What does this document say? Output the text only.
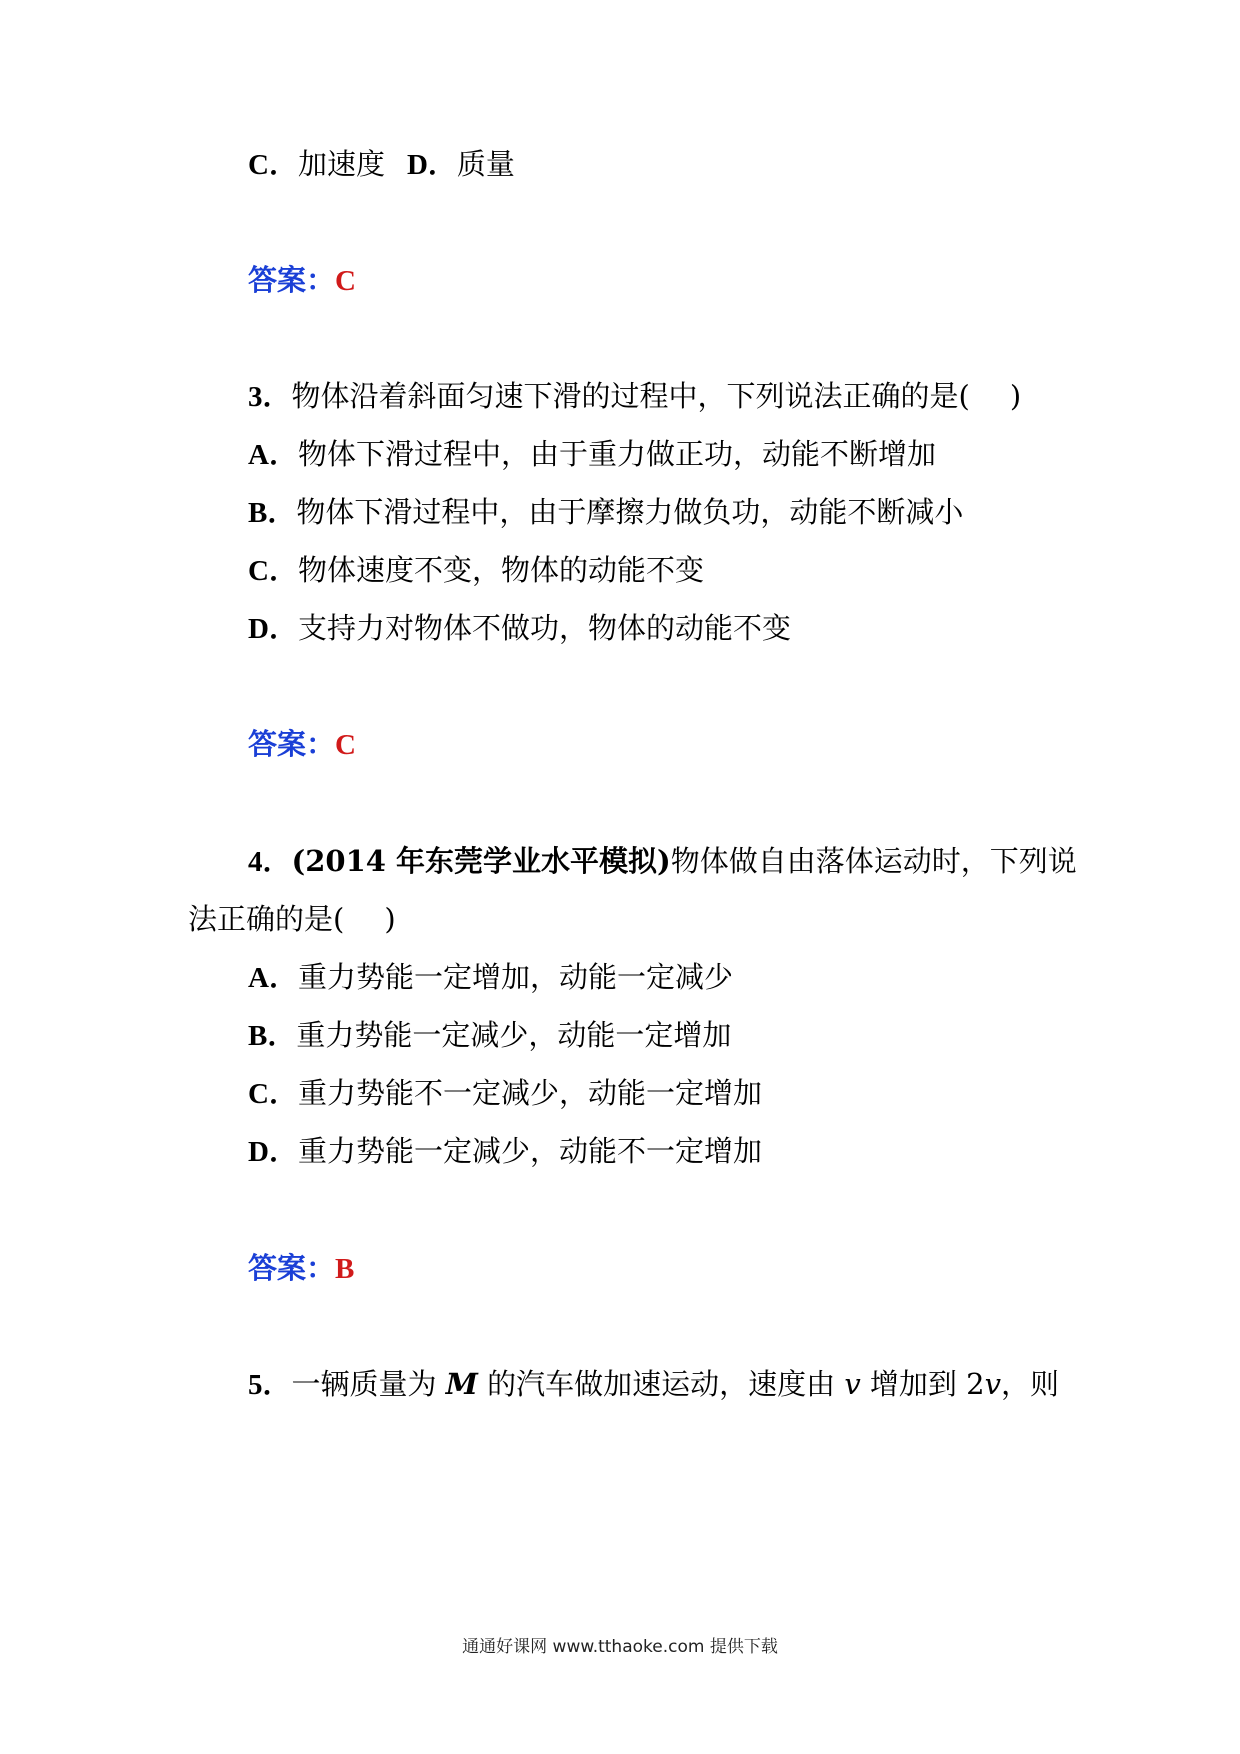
C．加速度 D．质量
答案：C
3．物体沿着斜面匀速下滑的过程中，下列说法正确的是( )
A．物体下滑过程中，由于重力做正功，动能不断增加
B．物体下滑过程中，由于摩擦力做负功，动能不断减小
C．物体速度不变，物体的动能不变
D．支持力对物体不做功，物体的动能不变
答案：C
4．(2014 年东莞学业水平模拟)物体做自由落体运动时，下列说
法正确的是( )
A．重力势能一定增加，动能一定减少
B．重力势能一定减少，动能一定增加
C．重力势能不一定减少，动能一定增加
D．重力势能一定减少，动能不一定增加
答案：B
5．一辆质量为 M 的汽车做加速运动，速度由 v 增加到 2v，则
通通好课网 www.tthaoke.com 提供下载
